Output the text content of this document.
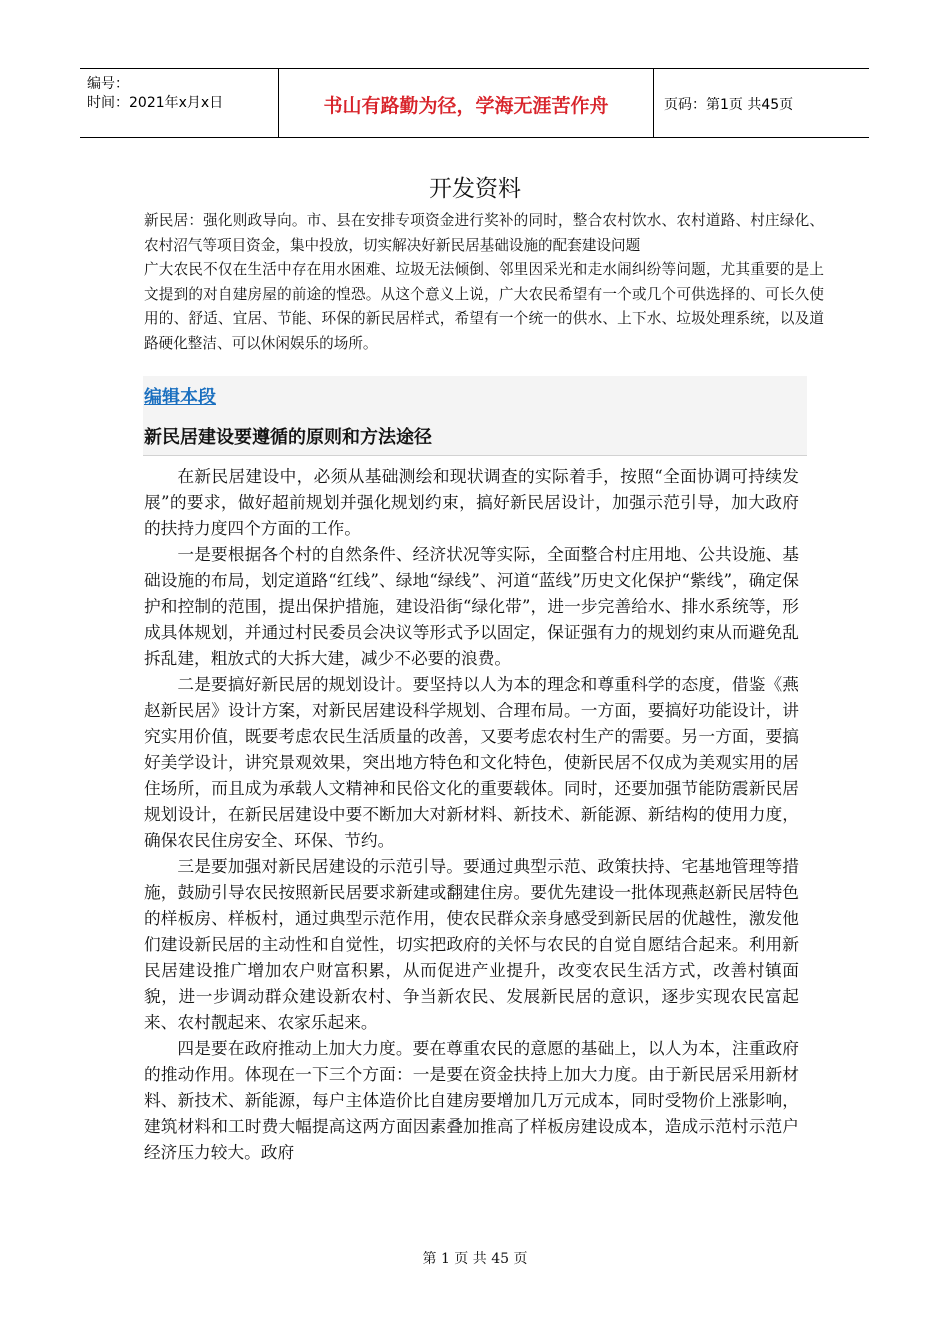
编号：
时间：2021年x月x日	书山有路勤为径，学海无涯苦作舟	页码：第1页 共45页
开发资料

新民居：强化则政导向。市、县在安排专项资金进行奖补的同时，整合农村饮水、农村道路、村庄绿化、农村沼气等项目资金，集中投放，切实解决好新民居基础设施的配套建设问题

广大农民不仅在生活中存在用水困难、垃圾无法倾倒、邻里因采光和走水闹纠纷等问题，尤其重要的是上文提到的对自建房屋的前途的惶恐。从这个意义上说，广大农民希望有一个或几个可供选择的、可长久使用的、舒适、宜居、节能、环保的新民居样式，希望有一个统一的供水、上下水、垃圾处理系统，以及道路硬化整洁、可以休闲娱乐的场所。

编辑本段
新民居建设要遵循的原则和方法途径

在新民居建设中，必须从基础测绘和现状调查的实际着手，按照“全面协调可持续发展”的要求，做好超前规划并强化规划约束，搞好新民居设计，加强示范引导，加大政府的扶持力度四个方面的工作。

一是要根据各个村的自然条件、经济状况等实际，全面整合村庄用地、公共设施、基础设施的布局，划定道路“红线”、绿地“绿线”、河道“蓝线”历史文化保护“紫线”，确定保护和控制的范围，提出保护措施，建设沿街“绿化带”，进一步完善给水、排水系统等，形成具体规划，并通过村民委员会决议等形式予以固定，保证强有力的规划约束从而避免乱拆乱建，粗放式的大拆大建，减少不必要的浪费。

二是要搞好新民居的规划设计。要坚持以人为本的理念和尊重科学的态度，借鉴《燕赵新民居》设计方案，对新民居建设科学规划、合理布局。一方面，要搞好功能设计，讲究实用价值，既要考虑农民生活质量的改善，又要考虑农村生产的需要。另一方面，要搞好美学设计，讲究景观效果，突出地方特色和文化特色，使新民居不仅成为美观实用的居住场所，而且成为承载人文精神和民俗文化的重要载体。同时，还要加强节能防震新民居规划设计，在新民居建设中要不断加大对新材料、新技术、新能源、新结构的使用力度，确保农民住房安全、环保、节约。

三是要加强对新民居建设的示范引导。要通过典型示范、政策扶持、宅基地管理等措施，鼓励引导农民按照新民居要求新建或翻建住房。要优先建设一批体现燕赵新民居特色的样板房、样板村，通过典型示范作用，使农民群众亲身感受到新民居的优越性，激发他们建设新民居的主动性和自觉性，切实把政府的关怀与农民的自觉自愿结合起来。利用新民居建设推广增加农户财富积累，从而促进产业提升，改变农民生活方式，改善村镇面貌，进一步调动群众建设新农村、争当新农民、发展新民居的意识，逐步实现农民富起来、农村靓起来、农家乐起来。

四是要在政府推动上加大力度。要在尊重农民的意愿的基础上，以人为本，注重政府的推动作用。体现在一下三个方面：一是要在资金扶持上加大力度。由于新民居采用新材料、新技术、新能源，每户主体造价比自建房要增加几万元成本，同时受物价上涨影响，建筑材料和工时费大幅提高这两方面因素叠加推高了样板房建设成本，造成示范村示范户经济压力较大。政府

第 1 页 共 45 页
